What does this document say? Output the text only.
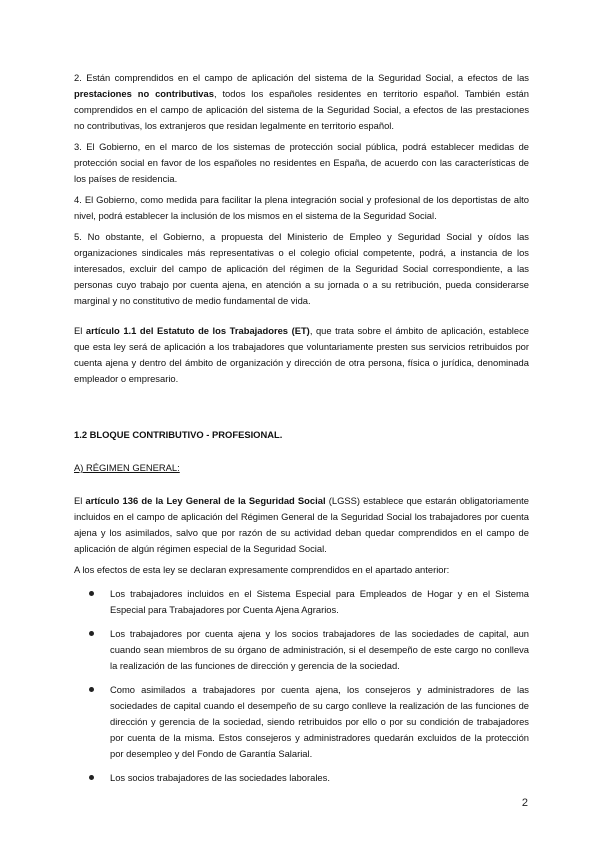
2. Están comprendidos en el campo de aplicación del sistema de la Seguridad Social, a efectos de las prestaciones no contributivas, todos los españoles residentes en territorio español. También están comprendidos en el campo de aplicación del sistema de la Seguridad Social, a efectos de las prestaciones no contributivas, los extranjeros que residan legalmente en territorio español.

3. El Gobierno, en el marco de los sistemas de protección social pública, podrá establecer medidas de protección social en favor de los españoles no residentes en España, de acuerdo con las características de los países de residencia.

4. El Gobierno, como medida para facilitar la plena integración social y profesional de los deportistas de alto nivel, podrá establecer la inclusión de los mismos en el sistema de la Seguridad Social.

5. No obstante, el Gobierno, a propuesta del Ministerio de Empleo y Seguridad Social y oídos las organizaciones sindicales más representativas o el colegio oficial competente, podrá, a instancia de los interesados, excluir del campo de aplicación del régimen de la Seguridad Social correspondiente, a las personas cuyo trabajo por cuenta ajena, en atención a su jornada o a su retribución, pueda considerarse marginal y no constitutivo de medio fundamental de vida.

El artículo 1.1 del Estatuto de los Trabajadores (ET), que trata sobre el ámbito de aplicación, establece que esta ley será de aplicación a los trabajadores que voluntariamente presten sus servicios retribuidos por cuenta ajena y dentro del ámbito de organización y dirección de otra persona, física o jurídica, denominada empleador o empresario.

1.2 BLOQUE CONTRIBUTIVO - PROFESIONAL.

A) RÉGIMEN GENERAL:

El artículo 136 de la Ley General de la Seguridad Social (LGSS) establece que estarán obligatoriamente incluidos en el campo de aplicación del Régimen General de la Seguridad Social los trabajadores por cuenta ajena y los asimilados, salvo que por razón de su actividad deban quedar comprendidos en el campo de aplicación de algún régimen especial de la Seguridad Social.

A los efectos de esta ley se declaran expresamente comprendidos en el apartado anterior:

Los trabajadores incluidos en el Sistema Especial para Empleados de Hogar y en el Sistema Especial para Trabajadores por Cuenta Ajena Agrarios.
Los trabajadores por cuenta ajena y los socios trabajadores de las sociedades de capital, aun cuando sean miembros de su órgano de administración, si el desempeño de este cargo no conlleva la realización de las funciones de dirección y gerencia de la sociedad.
Como asimilados a trabajadores por cuenta ajena, los consejeros y administradores de las sociedades de capital cuando el desempeño de su cargo conlleve la realización de las funciones de dirección y gerencia de la sociedad, siendo retribuidos por ello o por su condición de trabajadores por cuenta de la misma. Estos consejeros y administradores quedarán excluidos de la protección por desempleo y del Fondo de Garantía Salarial.
Los socios trabajadores de las sociedades laborales.
2
